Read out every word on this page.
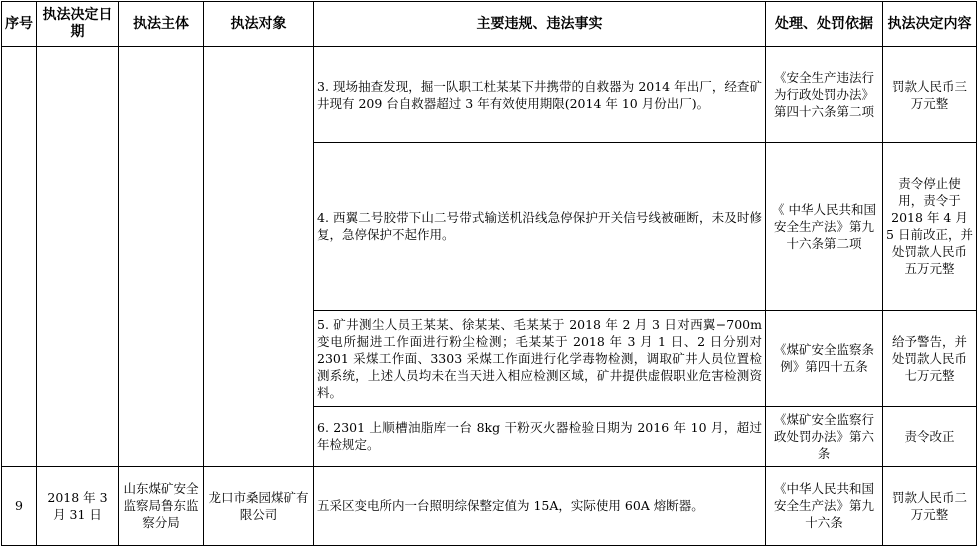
序号	执法决定日期	执法主体	执法对象	主要违规、违法事实	处理、处罚依据	执法决定内容
				3. 现场抽查发现，掘一队职工杜某某下井携带的自救器为 2014 年出厂，经查矿井现有 209 台自救器超过 3 年有效使用期限(2014 年 10 月份出厂)。	《安全生产违法行为行政处罚办法》第四十六条第二项	罚款人民币三万元整
				4. 西翼二号胶带下山二号带式输送机沿线急停保护开关信号线被砸断，未及时修复，急停保护不起作用。	《 中华人民共和国安全生产法》第九十六条第二项	责令停止使用，责令于 2018 年 4 月 5 日前改正，并处罚款人民币五万元整
				5. 矿井测尘人员王某某、徐某某、毛某某于 2018 年 2 月 3 日对西翼−700m 变电所掘进工作面进行粉尘检测；毛某某于 2018 年 3 月 1 日、2 日分别对 2301 采煤工作面、3303 采煤工作面进行化学毒物检测，调取矿井人员位置检测系统，上述人员均未在当天进入相应检测区域，矿井提供虚假职业危害检测资料。	《煤矿安全监察条例》第四十五条	给予警告，并处罚款人民币七万元整
				6. 2301 上顺槽油脂库一台 8kg 干粉灭火器检验日期为 2016 年 10 月，超过年检规定。	《煤矿安全监察行政处罚办法》第六条	责令改正
9	2018 年 3 月 31 日	山东煤矿安全监察局鲁东监察分局	龙口市桑园煤矿有限公司	五采区变电所内一台照明综保整定值为 15A，实际使用 60A 熔断器。	《中华人民共和国安全生产法》第九十六条	罚款人民币二万元整
